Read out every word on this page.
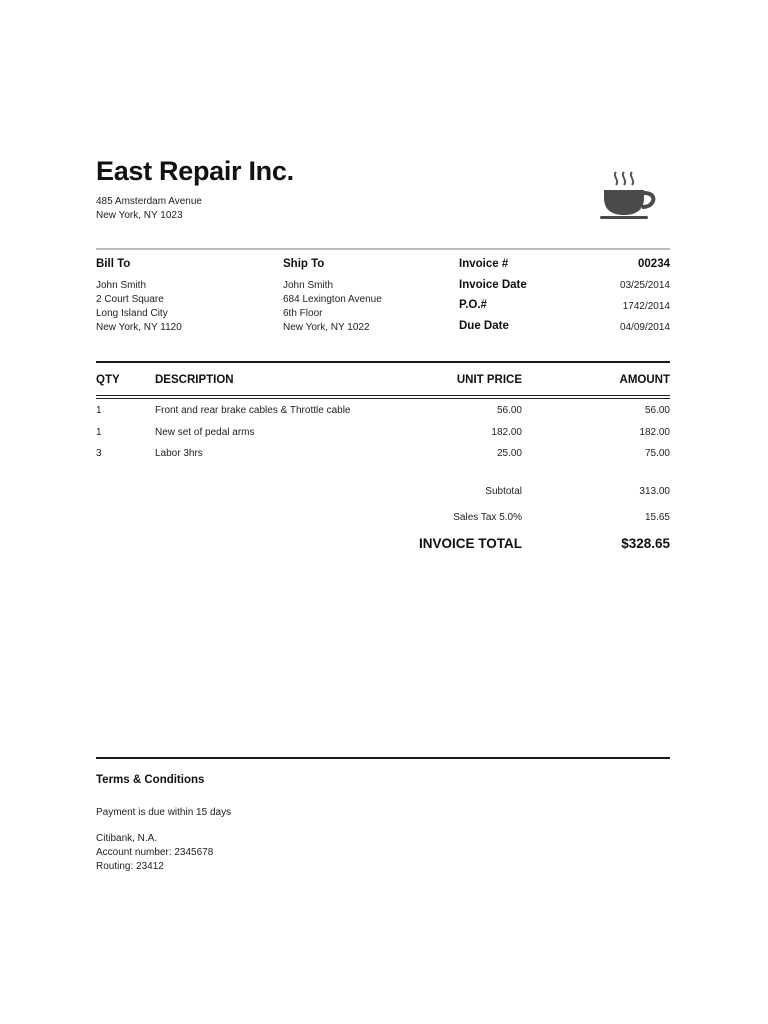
East Repair Inc.
485 Amsterdam Avenue
New York, NY 1023
Bill To
John Smith
2 Court Square
Long Island City
New York, NY 1120
Ship To
John Smith
684 Lexington Avenue
6th Floor
New York, NY 1022
Invoice #	00234
Invoice Date	03/25/2014
P.O.#	1742/2014
Due Date	04/09/2014
QTY	DESCRIPTION	UNIT PRICE	AMOUNT
1	Front and rear brake cables & Throttle cable	56.00	56.00
1	New set of pedal arms	182.00	182.00
3	Labor 3hrs	25.00	75.00
Subtotal	313.00
Sales Tax 5.0%	15.65
INVOICE TOTAL	$328.65
Terms & Conditions
Payment is due within 15 days
Citibank, N.A.
Account number: 2345678
Routing: 23412
